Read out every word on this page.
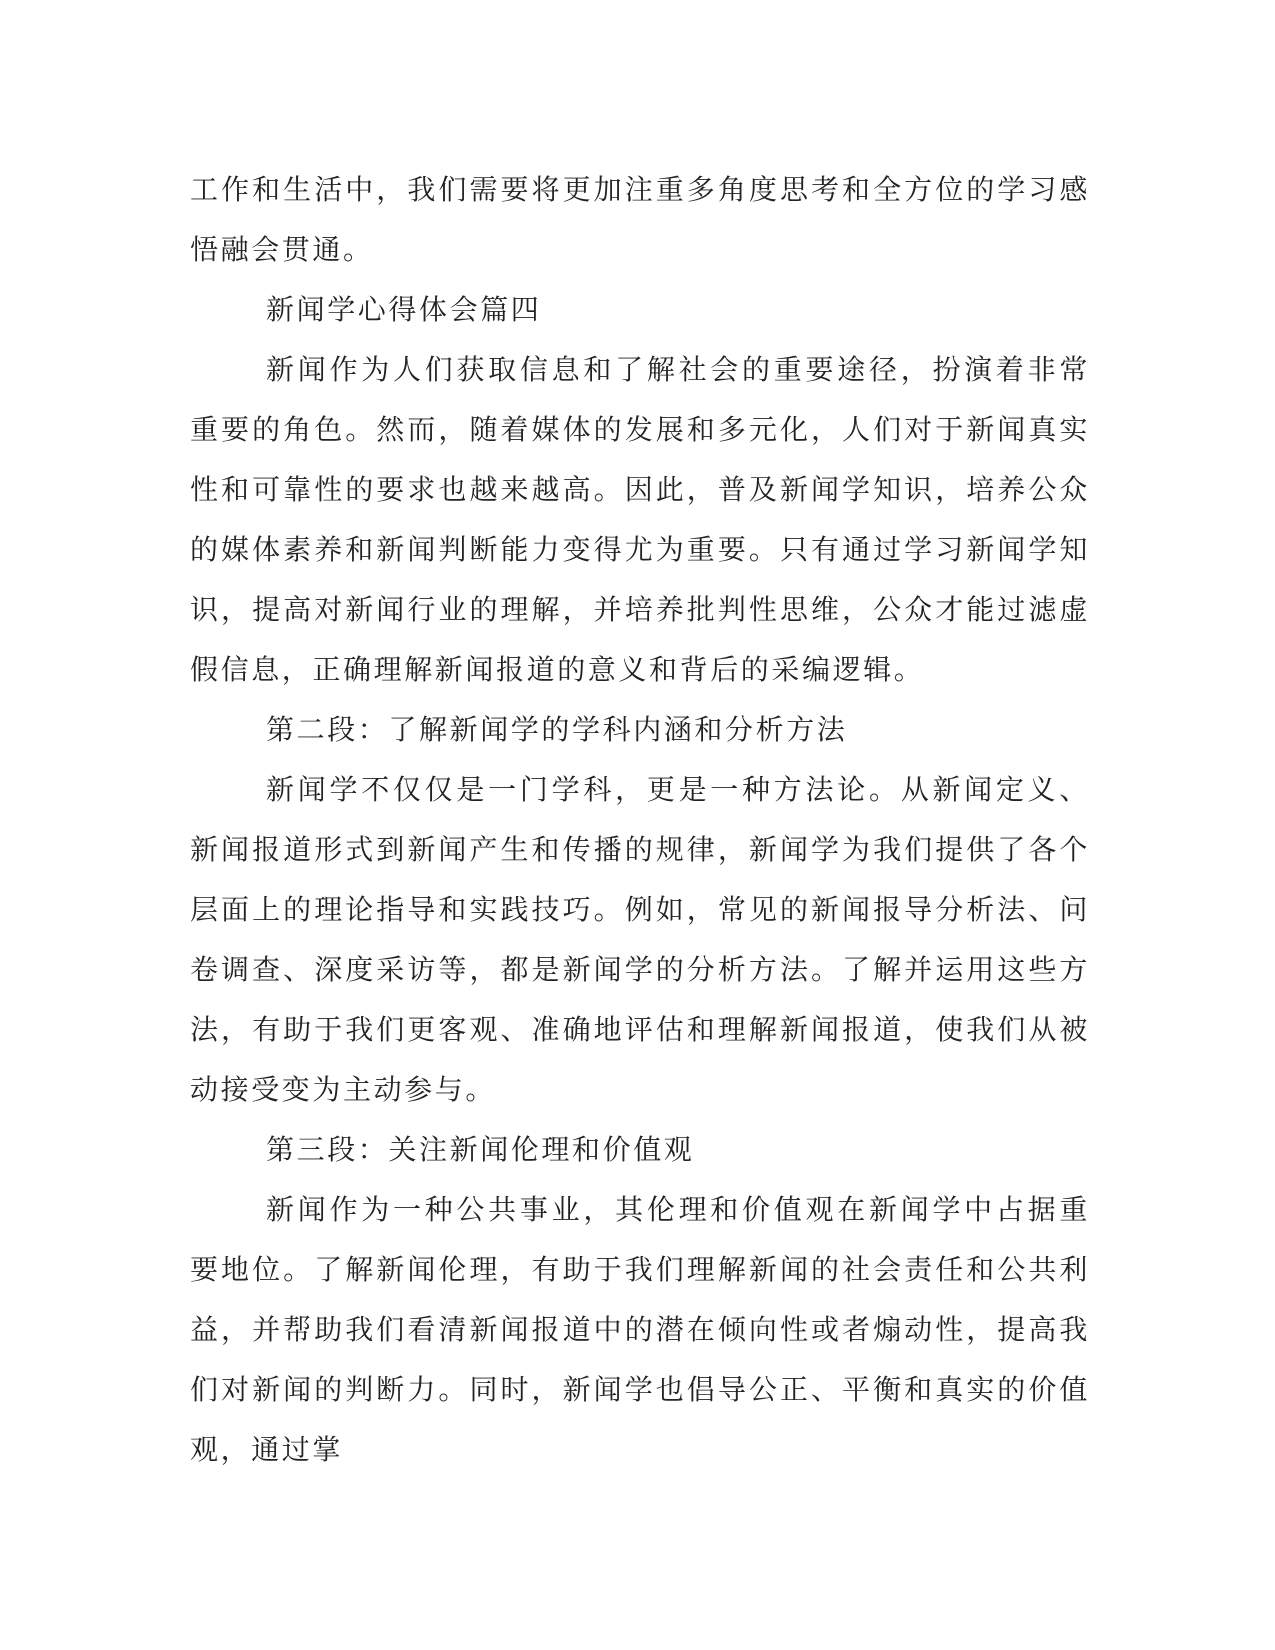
工作和生活中，我们需要将更加注重多角度思考和全方位的学习感悟融会贯通。

新闻学心得体会篇四

新闻作为人们获取信息和了解社会的重要途径，扮演着非常重要的角色。然而，随着媒体的发展和多元化，人们对于新闻真实性和可靠性的要求也越来越高。因此，普及新闻学知识，培养公众的媒体素养和新闻判断能力变得尤为重要。只有通过学习新闻学知识，提高对新闻行业的理解，并培养批判性思维，公众才能过滤虚假信息，正确理解新闻报道的意义和背后的采编逻辑。

第二段：了解新闻学的学科内涵和分析方法

新闻学不仅仅是一门学科，更是一种方法论。从新闻定义、新闻报道形式到新闻产生和传播的规律，新闻学为我们提供了各个层面上的理论指导和实践技巧。例如，常见的新闻报导分析法、问卷调查、深度采访等，都是新闻学的分析方法。了解并运用这些方法，有助于我们更客观、准确地评估和理解新闻报道，使我们从被动接受变为主动参与。

第三段：关注新闻伦理和价值观

新闻作为一种公共事业，其伦理和价值观在新闻学中占据重要地位。了解新闻伦理，有助于我们理解新闻的社会责任和公共利益，并帮助我们看清新闻报道中的潜在倾向性或者煽动性，提高我们对新闻的判断力。同时，新闻学也倡导公正、平衡和真实的价值观，通过掌
